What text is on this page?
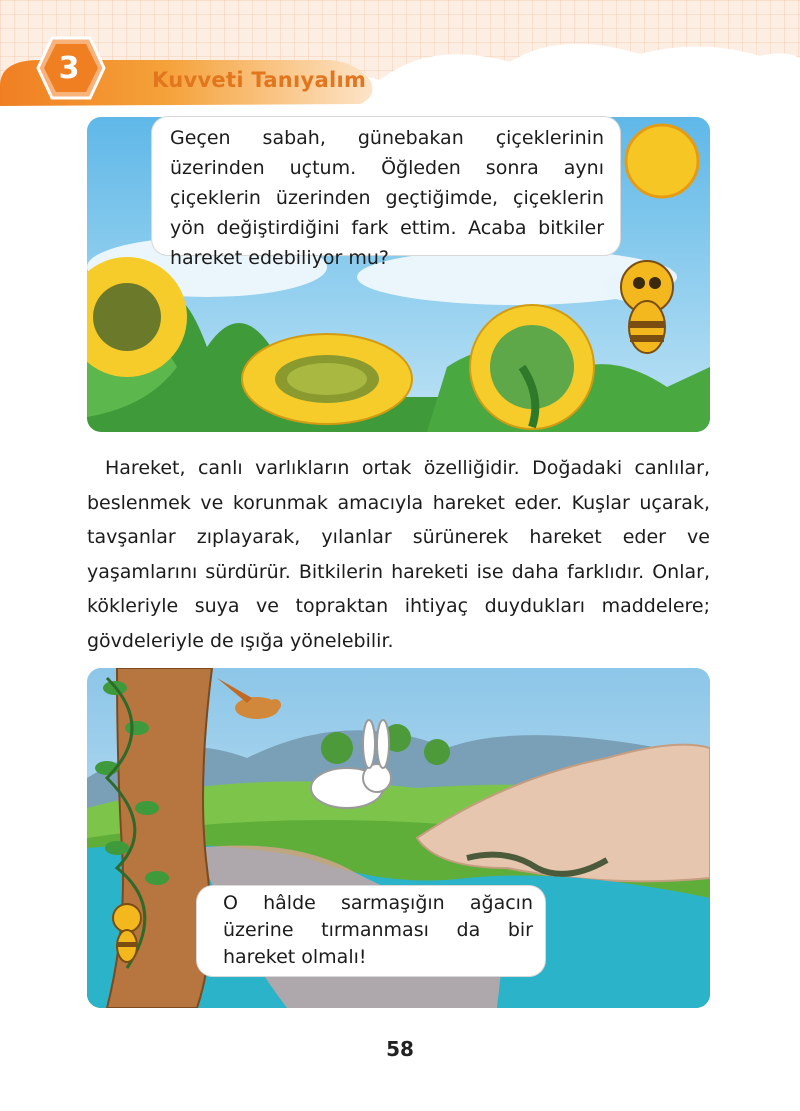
3	Kuvveti Tanıyalım

Geçen sabah, günebakan çiçeklerinin üzerinden uçtum. Öğleden sonra aynı çiçeklerin üzerinden geçtiğimde, çiçeklerin yön değiştirdiğini fark ettim. Acaba bitkiler hareket edebiliyor mu?

Hareket, canlı varlıkların ortak özelliğidir. Doğadaki canlılar, beslenmek ve korunmak amacıyla hareket eder. Kuşlar uçarak, tavşanlar zıplayarak, yılanlar sürünerek hareket eder ve yaşamlarını sürdürür. Bitkilerin hareketi ise daha farklıdır. Onlar, kökleriyle suya ve topraktan ihtiyaç duydukları maddelere; gövdeleriyle de ışığa yönelebilir.

O hâlde sarmaşığın ağacın üzerine tırmanması da bir hareket olmalı!

58
